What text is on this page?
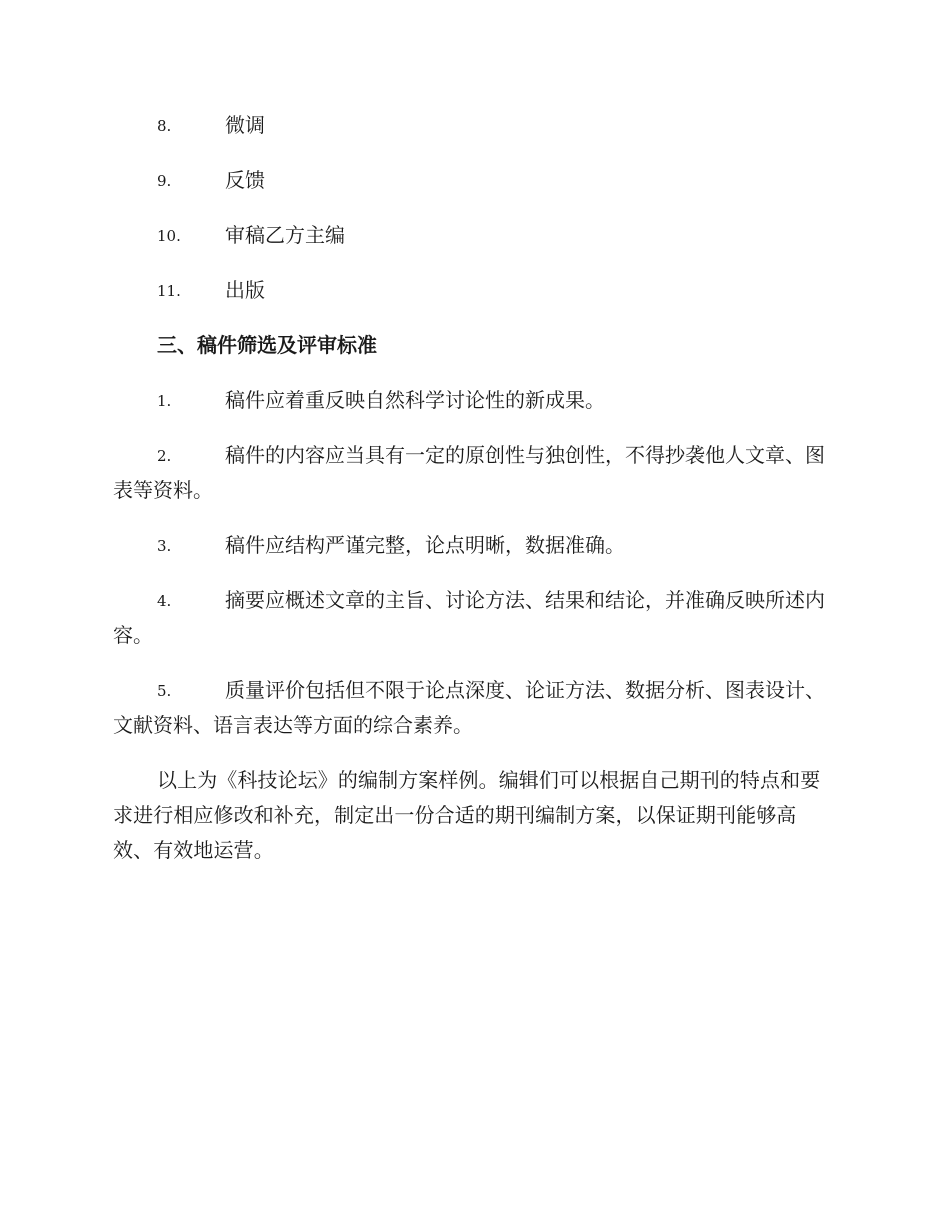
8.	微调
9.	反馈
10. 审稿乙方主编
11. 出版
三、稿件筛选及评审标准
1.	稿件应着重反映自然科学讨论性的新成果。
2.	稿件的内容应当具有一定的原创性与独创性，不得抄袭他人文章、图表等资料。
3.	稿件应结构严谨完整，论点明晰，数据准确。
4.	摘要应概述文章的主旨、讨论方法、结果和结论，并准确反映所述内容。
5.	质量评价包括但不限于论点深度、论证方法、数据分析、图表设计、文献资料、语言表达等方面的综合素养。

以上为《科技论坛》的编制方案样例。编辑们可以根据自己期刊的特点和要求进行相应修改和补充，制定出一份合适的期刊编制方案，以保证期刊能够高效、有效地运营。
